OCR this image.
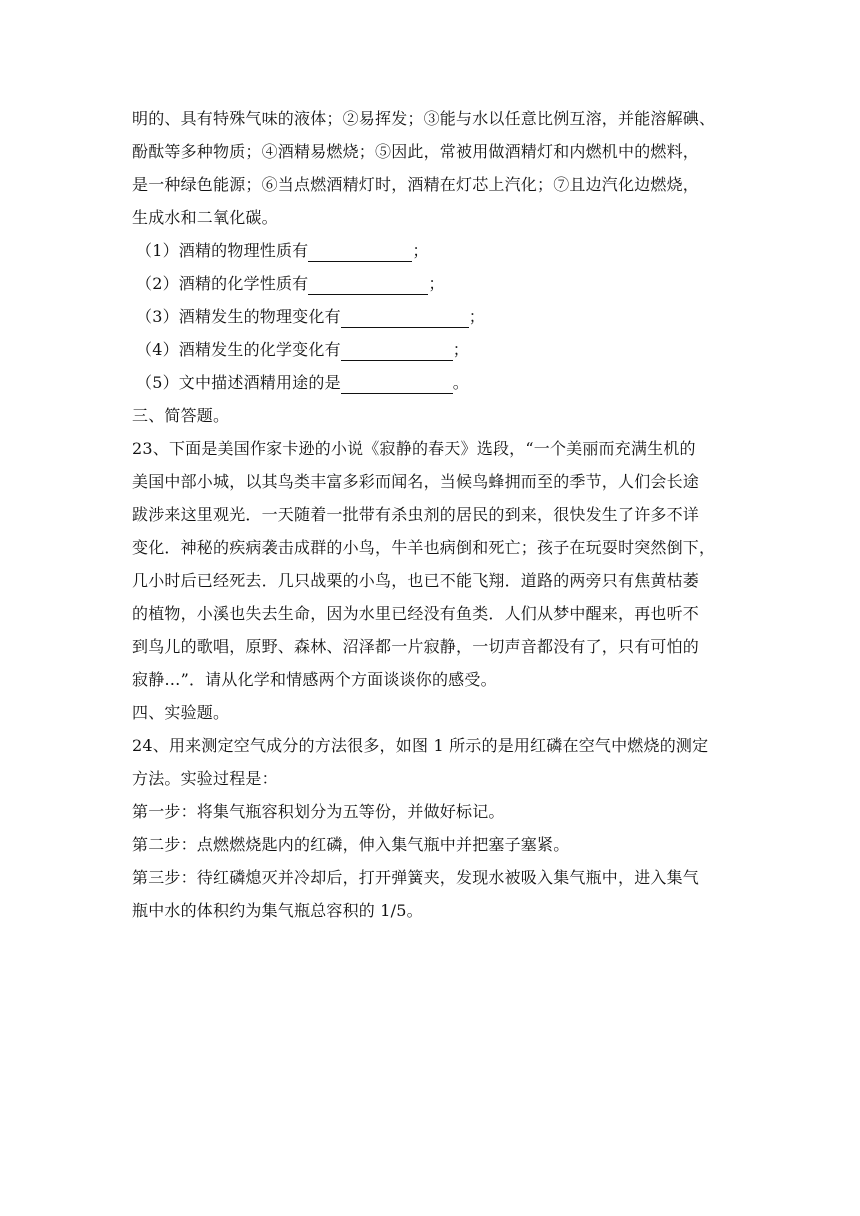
明的、具有特殊气味的液体；②易挥发；③能与水以任意比例互溶，并能溶解碘、
酚酞等多种物质；④酒精易燃烧；⑤因此，常被用做酒精灯和内燃机中的燃料，
是一种绿色能源；⑥当点燃酒精灯时，酒精在灯芯上汽化；⑦且边汽化边燃烧，
生成水和二氧化碳。
（1）酒精的物理性质有	；
（2）酒精的化学性质有	；
（3）酒精发生的物理变化有	；
（4）酒精发生的化学变化有	；
（5）文中描述酒精用途的是	。
三、简答题。
23、下面是美国作家卡逊的小说《寂静的春天》选段，“一个美丽而充满生机的
美国中部小城，以其鸟类丰富多彩而闻名，当候鸟蜂拥而至的季节，人们会长途
跋涉来这里观光．一天随着一批带有杀虫剂的居民的到来，很快发生了许多不详
变化．神秘的疾病袭击成群的小鸟，牛羊也病倒和死亡；孩子在玩耍时突然倒下，
几小时后已经死去．几只战栗的小鸟，也已不能飞翔．道路的两旁只有焦黄枯萎
的植物，小溪也失去生命，因为水里已经没有鱼类．人们从梦中醒来，再也听不
到鸟儿的歌唱，原野、森林、沼泽都一片寂静，一切声音都没有了，只有可怕的
寂静…”．请从化学和情感两个方面谈谈你的感受。
四、实验题。
24、用来测定空气成分的方法很多，如图 1 所示的是用红磷在空气中燃烧的测定
方法。实验过程是：
第一步：将集气瓶容积划分为五等份，并做好标记。
第二步：点燃燃烧匙内的红磷，伸入集气瓶中并把塞子塞紧。
第三步：待红磷熄灭并冷却后，打开弹簧夹，发现水被吸入集气瓶中，进入集气
瓶中水的体积约为集气瓶总容积的 1/5。
